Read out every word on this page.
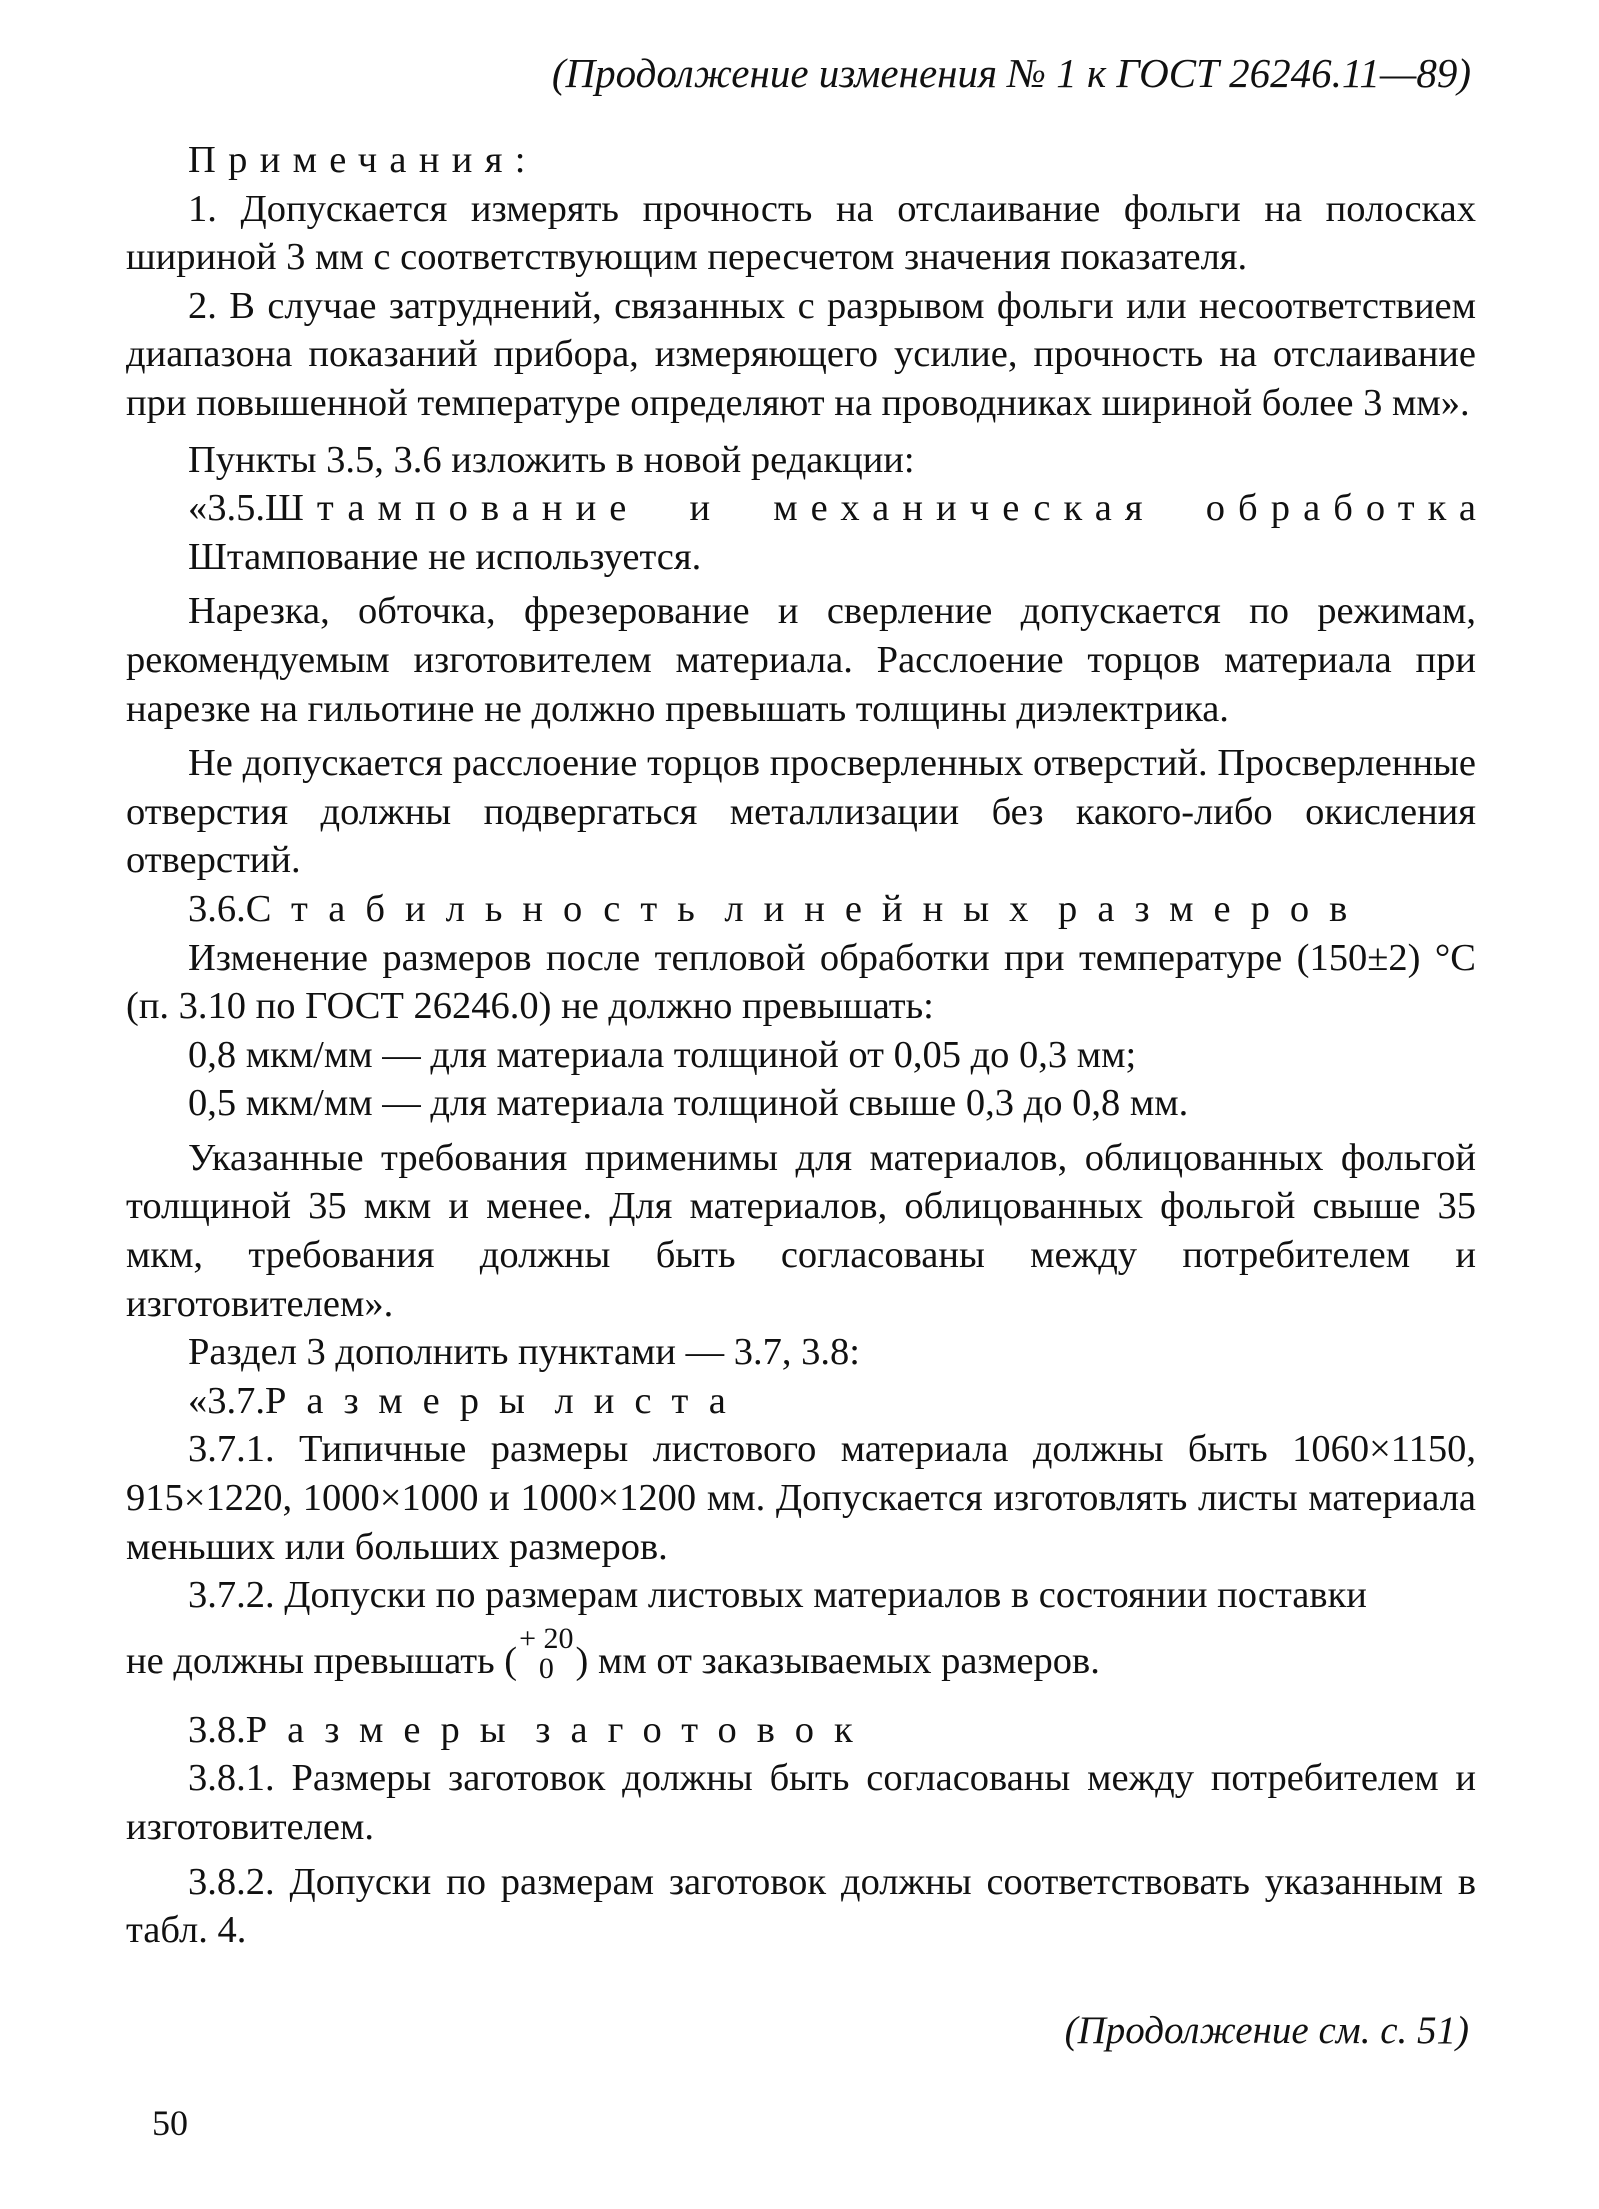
(Продолжение изменения № 1 к ГОСТ 26246.11—89)

Примечания:

1. Допускается измерять прочность на отслаивание фольги на полосках шириной 3 мм с соответствующим пересчетом значения показателя.

2. В случае затруднений, связанных с разрывом фольги или несоответствием диапазона показаний прибора, измеряющего усилие, прочность на отслаивание при повышенной температуре определяют на проводниках шириной более 3 мм».

Пункты 3.5, 3.6 изложить в новой редакции:

«3.5.Штампование и механическая обработка

Штампование не используется.

Нарезка, обточка, фрезерование и сверление допускается по режимам, рекомендуемым изготовителем материала. Расслоение торцов материала при нарезке на гильотине не должно превышать толщины диэлектрика.

Не допускается расслоение торцов просверленных отверстий. Просверленные отверстия должны подвергаться металлизации без какого-либо окисления отверстий.

3.6.Стабильность линейных размеров

Изменение размеров после тепловой обработки при температуре (150±2) °С (п. 3.10 по ГОСТ 26246.0) не должно превышать:

0,8 мкм/мм — для материала толщиной от 0,05 до 0,3 мм;

0,5 мкм/мм — для материала толщиной свыше 0,3 до 0,8 мм.

Указанные требования применимы для материалов, облицованных фольгой толщиной 35 мкм и менее. Для материалов, облицованных фольгой свыше 35 мкм, требования должны быть согласованы между потребителем и изготовителем».

Раздел 3 дополнить пунктами — 3.7, 3.8:

«3.7.Размеры листа

3.7.1. Типичные размеры листового материала должны быть 1060×1150, 915×1220, 1000×1000 и 1000×1200 мм. Допускается изготовлять листы материала меньших или больших размеров.

3.7.2. Допуски по размерам листовых материалов в состоянии поставки

не должны превышать (
+ 20
0 ) мм от заказываемых размеров.

3.8.Размеры заготовок

3.8.1. Размеры заготовок должны быть согласованы между потребителем и изготовителем.

3.8.2. Допуски по размерам заготовок должны соответствовать указанным в табл. 4.

(Продолжение см. с. 51)
50
